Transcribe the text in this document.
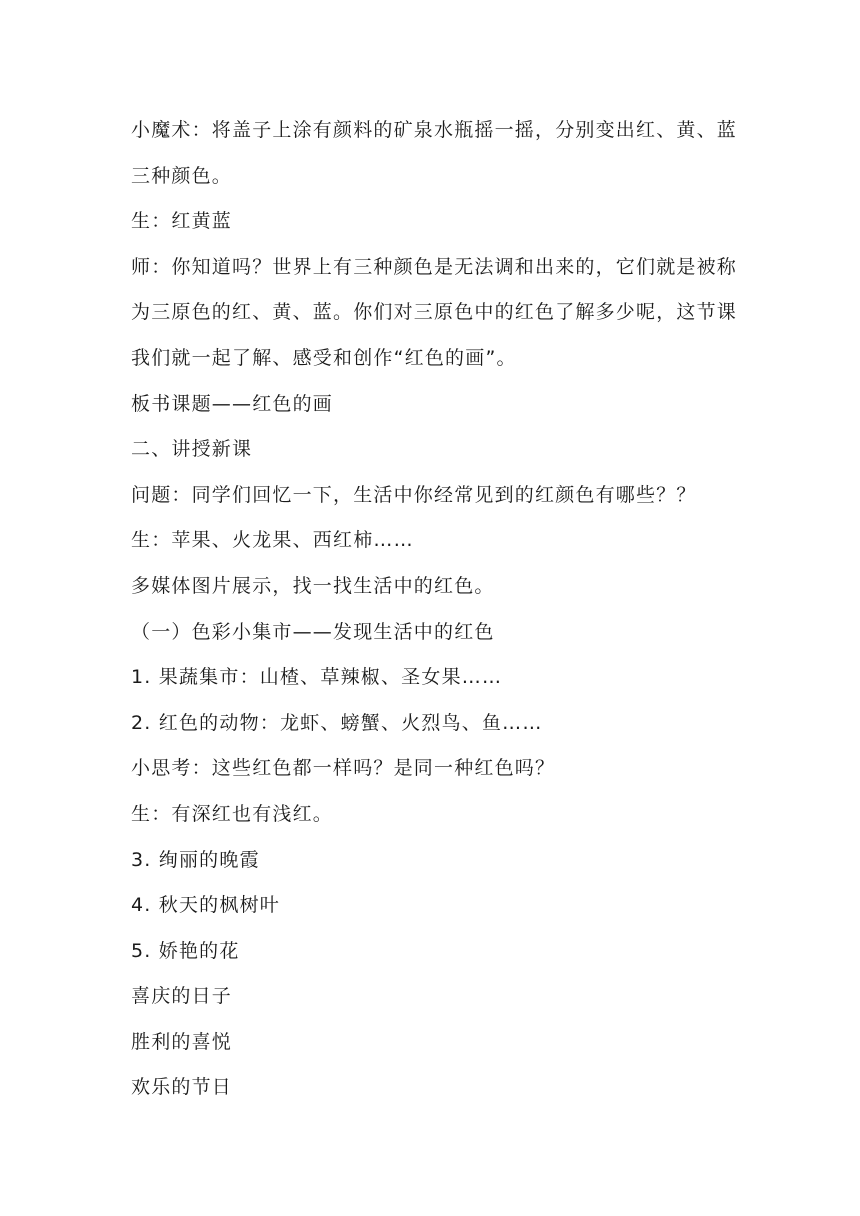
小魔术：将盖子上涂有颜料的矿泉水瓶摇一摇，分别变出红、黄、蓝

三种颜色。

生：红黄蓝

师：你知道吗？世界上有三种颜色是无法调和出来的，它们就是被称

为三原色的红、黄、蓝。你们对三原色中的红色了解多少呢，这节课

我们就一起了解、感受和创作“红色的画”。

板书课题——红色的画

二、讲授新课

问题：同学们回忆一下，生活中你经常见到的红颜色有哪些？？

生：苹果、火龙果、西红柿……

多媒体图片展示，找一找生活中的红色。

（一）色彩小集市——发现生活中的红色

1. 果蔬集市：山楂、草辣椒、圣女果……

2. 红色的动物：龙虾、螃蟹、火烈鸟、鱼……

小思考：这些红色都一样吗？是同一种红色吗？

生：有深红也有浅红。

3. 绚丽的晚霞

4. 秋天的枫树叶

5. 娇艳的花

喜庆的日子

胜利的喜悦

欢乐的节日
